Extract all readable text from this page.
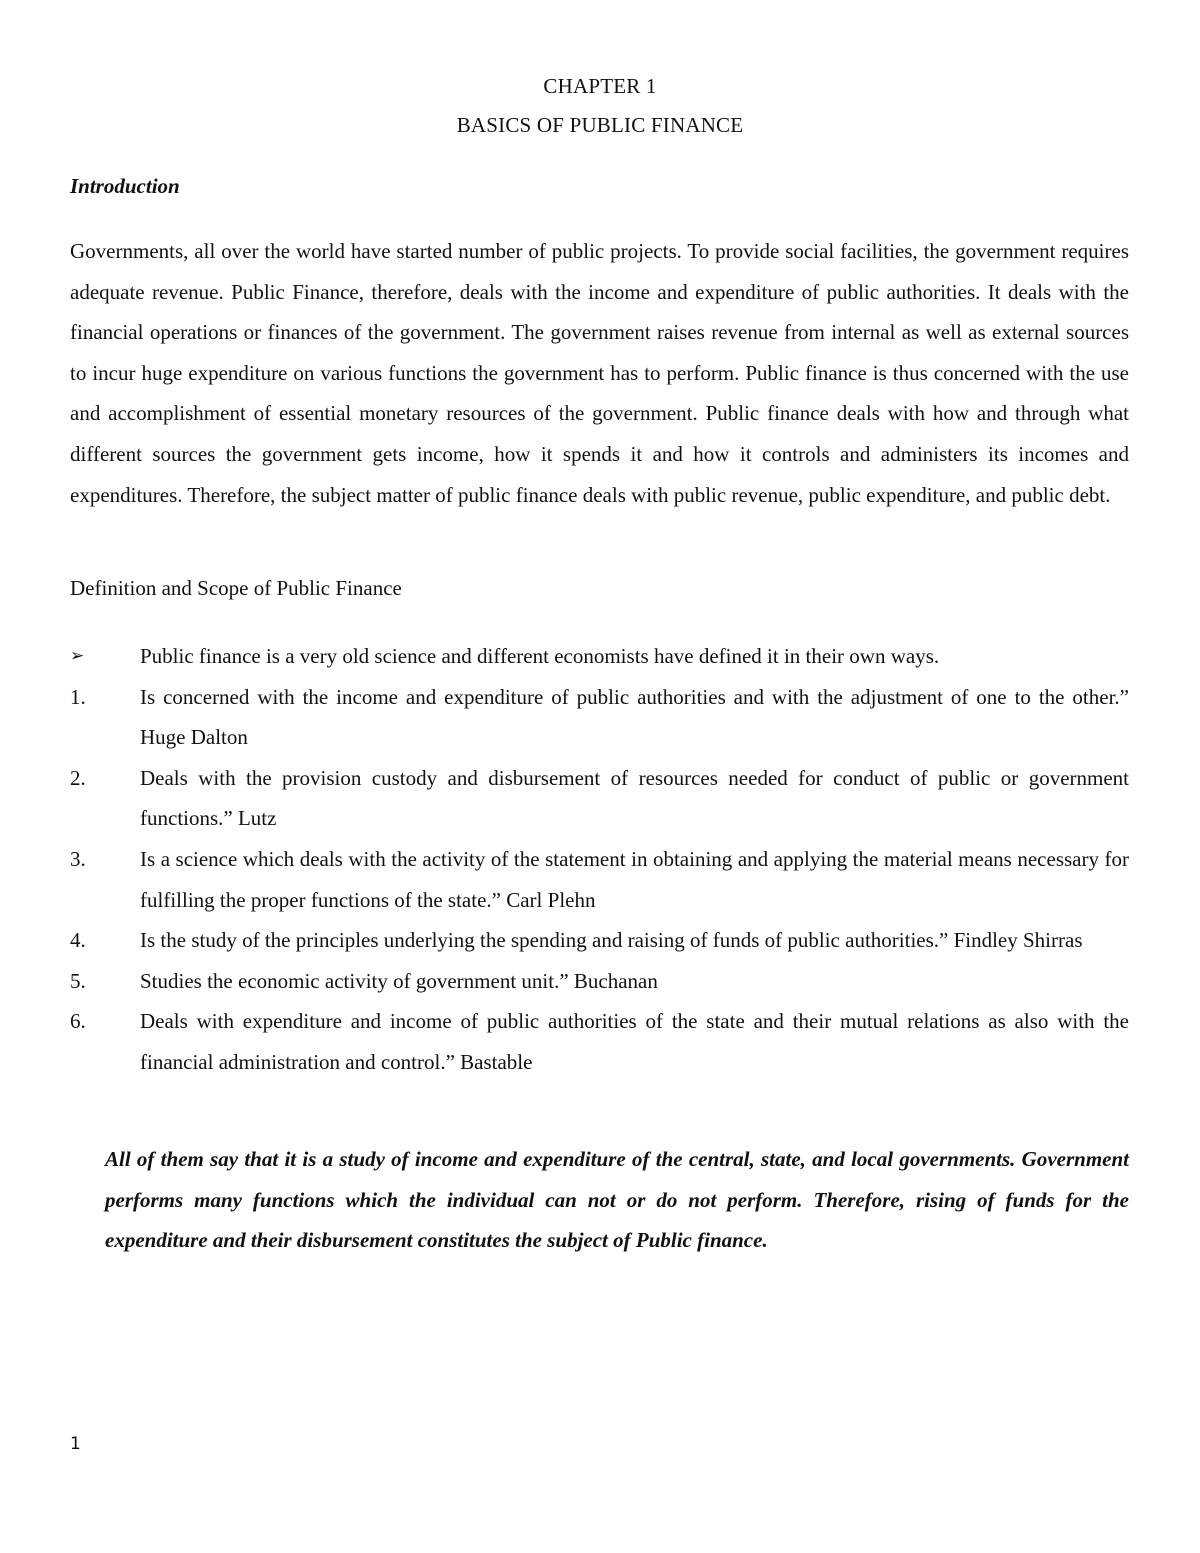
CHAPTER 1
BASICS OF PUBLIC FINANCE
Introduction

Governments, all over the world have started number of public projects. To provide social facilities, the government requires adequate revenue. Public Finance, therefore, deals with the income and expenditure of public authorities. It deals with the financial operations or finances of the government. The government raises revenue from internal as well as external sources to incur huge expenditure on various functions the government has to perform. Public finance is thus concerned with the use and accomplishment of essential monetary resources of the government. Public finance deals with how and through what different sources the government gets income, how it spends it and how it controls and administers its incomes and expenditures. Therefore, the subject matter of public finance deals with public revenue, public expenditure, and public debt.

Definition and Scope of Public Finance
➢	Public finance is a very old science and different economists have defined it in their own ways.
1.	Is concerned with the income and expenditure of public authorities and with the adjustment of one to the other.” Huge Dalton
2.	Deals with the provision custody and disbursement of resources needed for conduct of public or government functions.” Lutz
3.	Is a science which deals with the activity of the statement in obtaining and applying the material means necessary for fulfilling the proper functions of the state.” Carl Plehn
4.	Is the study of the principles underlying the spending and raising of funds of public authorities.” Findley Shirras
5.	Studies the economic activity of government unit.” Buchanan
6.	Deals with expenditure and income of public authorities of the state and their mutual relations as also with the financial administration and control.” Bastable

All of them say that it is a study of income and expenditure of the central, state, and local governments. Government performs many functions which the individual can not or do not perform. Therefore, rising of funds for the expenditure and their disbursement constitutes the subject of Public finance.

1
